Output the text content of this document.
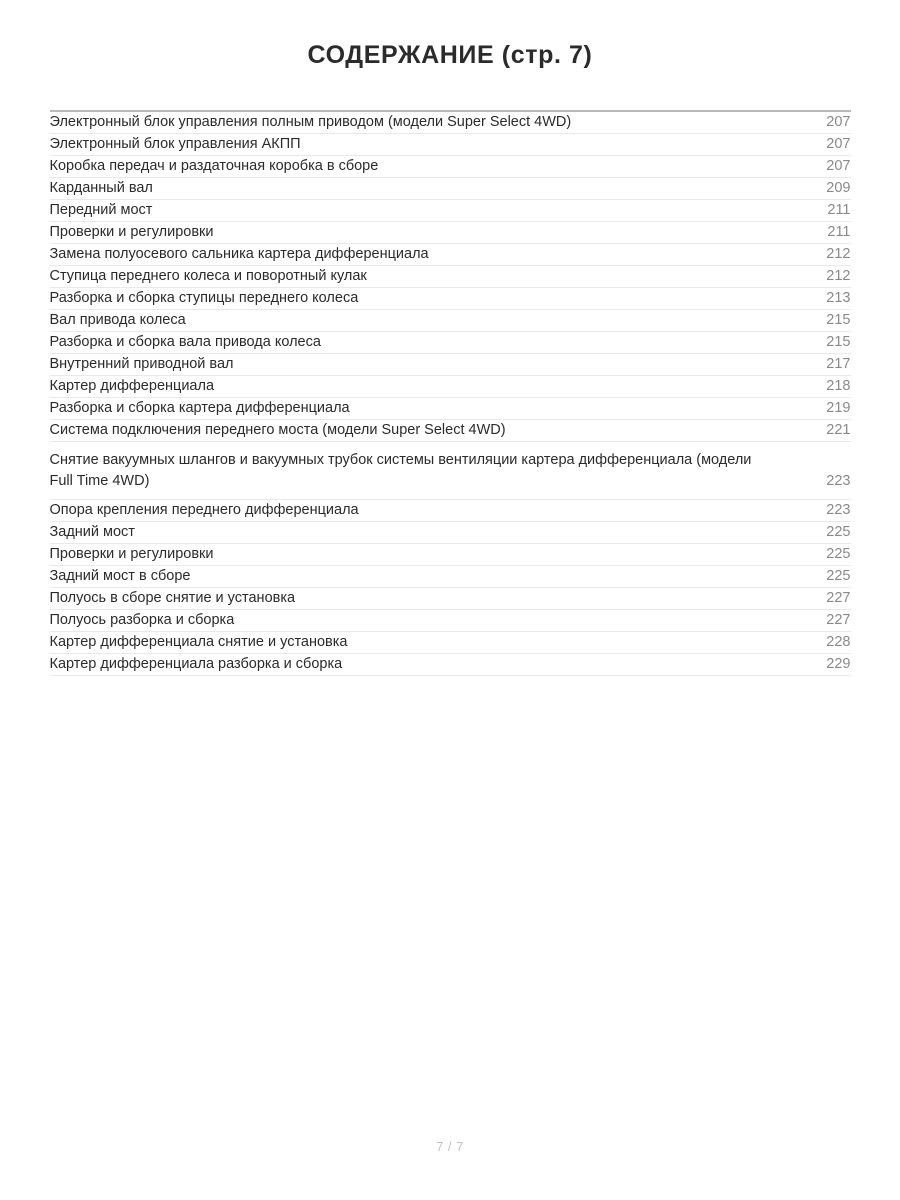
СОДЕРЖАНИЕ (стр. 7)
Электронный блок управления полным приводом (модели Super Select 4WD)	207
Электронный блок управления АКПП	207
Коробка передач и раздаточная коробка в сборе	207
Карданный вал	209
Передний мост	211
Проверки и регулировки	211
Замена полуосевого сальника картера дифференциала	212
Ступица переднего колеса и поворотный кулак	212
Разборка и сборка ступицы переднего колеса	213
Вал привода колеса	215
Разборка и сборка вала привода колеса	215
Внутренний приводной вал	217
Картер дифференциала	218
Разборка и сборка картера дифференциала	219
Система подключения переднего моста (модели Super Select 4WD)	221
Снятие вакуумных шлангов и вакуумных трубок системы вентиляции картера дифференциала (модели Full Time 4WD)	223
Опора крепления переднего дифференциала	223
Задний мост	225
Проверки и регулировки	225
Задний мост в сборе	225
Полуось в сборе снятие и установка	227
Полуось разборка и сборка	227
Картер дифференциала снятие и установка	228
Картер дифференциала разборка и сборка	229
7 / 7
